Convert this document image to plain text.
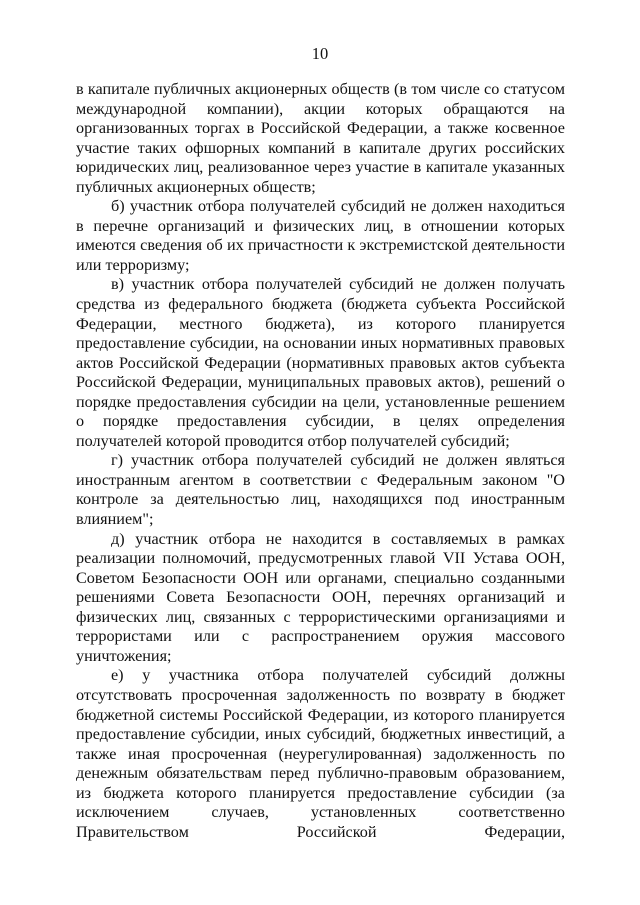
10

в капитале публичных акционерных обществ (в том числе со статусом международной компании), акции которых обращаются на организованных торгах в Российской Федерации, а также косвенное участие таких офшорных компаний в капитале других российских юридических лиц, реализованное через участие в капитале указанных публичных акционерных обществ;

б) участник отбора получателей субсидий не должен находиться в перечне организаций и физических лиц, в отношении которых имеются сведения об их причастности к экстремистской деятельности или терроризму;

в) участник отбора получателей субсидий не должен получать средства из федерального бюджета (бюджета субъекта Российской Федерации, местного бюджета), из которого планируется предоставление субсидии, на основании иных нормативных правовых актов Российской Федерации (нормативных правовых актов субъекта Российской Федерации, муниципальных правовых актов), решений о порядке предоставления субсидии на цели, установленные решением о порядке предоставления субсидии, в целях определения получателей которой проводится отбор получателей субсидий;

г) участник отбора получателей субсидий не должен являться иностранным агентом в соответствии с Федеральным законом "О контроле за деятельностью лиц, находящихся под иностранным влиянием";

д) участник отбора не находится в составляемых в рамках реализации полномочий, предусмотренных главой VII Устава ООН, Советом Безопасности ООН или органами, специально созданными решениями Совета Безопасности ООН, перечнях организаций и физических лиц, связанных с террористическими организациями и террористами или с распространением оружия массового уничтожения;

е) у участника отбора получателей субсидий должны отсутствовать просроченная задолженность по возврату в бюджет бюджетной системы Российской Федерации, из которого планируется предоставление субсидии, иных субсидий, бюджетных инвестиций, а также иная просроченная (неурегулированная) задолженность по денежным обязательствам перед публично-правовым образованием, из бюджета которого планируется предоставление субсидии (за исключением случаев, установленных соответственно Правительством Российской Федерации,
